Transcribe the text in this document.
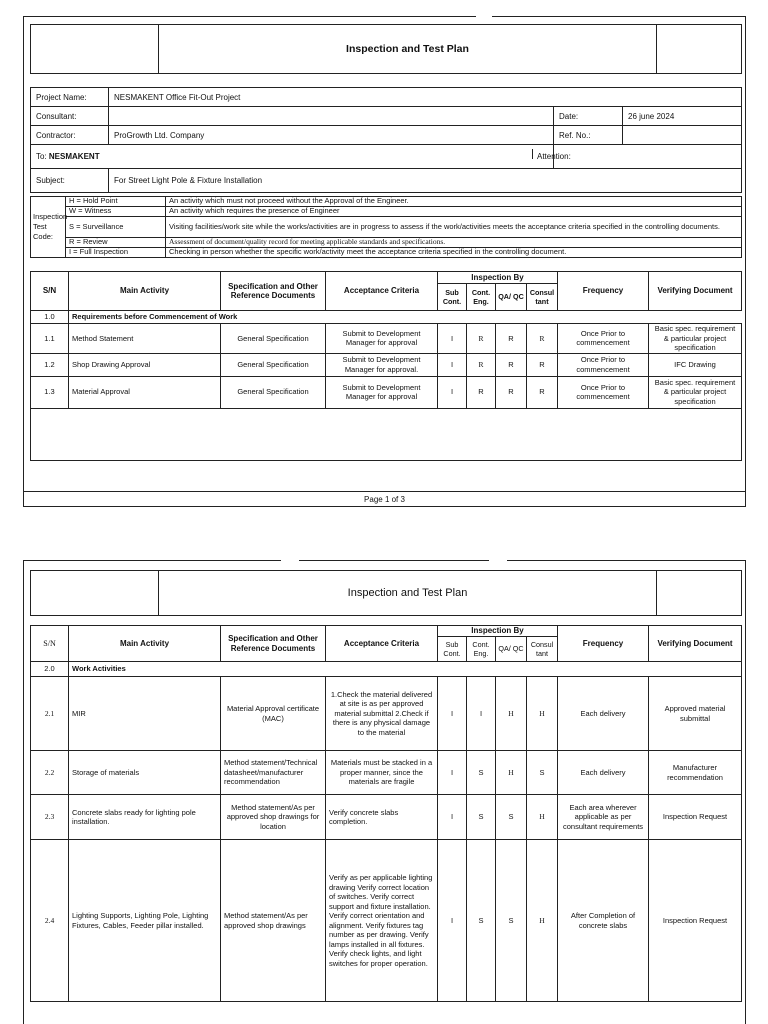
Inspection and Test Plan
Project Name:	NESMAKENT Office Fit-Out Project		
Consultant:		Date:	26 june 2024
Contractor:	ProGrowth Ltd. Company	Ref. No.:	
To: NESMAKENT		Attention:	

Subject:	For Street Light Pole & Fixture Installation		
Inspection Test Code:	H = Hold Point	An activity which must not proceed without the Approval of the Engineer.
	W = Witness	An activity which requires the presence of Engineer
	S = Surveillance	Visiting facilities/work site while the works/activities are in progress to assess if the work/activities meets the acceptance criteria specified in the controlling documents.
	R = Review	Assessment of document/quality record for meeting applicable standards and specifications.
	I = Full Inspection	Checking in person whether the specific work/activity meet the acceptance criteria specified in the controlling document.
S/N	Main Activity	Specification and Other Reference Documents	Acceptance Criteria	Inspection By				Frequency	Verifying Document
				Sub Cont.	Cont. Eng.	QA/ QC	Consul tant		
1.0	Requirements before Commencement of Work								
1.1	Method Statement	General Specification	Submit to Development Manager for approval	I	R	R	R	Once Prior to commencement	Basic spec. requirement & particular project specification
1.2	Shop Drawing Approval	General Specification	Submit to Development Manager for approval.	I	R	R	R	Once Prior to commencement	IFC Drawing
1.3	Material Approval	General Specification	Submit to Development Manager for approval	I	R	R	R	Once Prior to commencement	Basic spec. requirement & particular project specification
Page 1 of 3
Inspection and Test Plan
S/N	Main Activity	Specification and Other Reference Documents	Acceptance Criteria	Inspection By				Frequency	Verifying Document
				Sub Cont.	Cont. Eng.	QA/ QC	Consul tant		
2.0	Work Activities								
2.1	MIR	Material Approval certificate (MAC)	1.Check the material delivered at site is as per approved material submittal 2.Check if there is any physical damage to the material	I	I	H	H	Each delivery	Approved material submittal
2.2	Storage of materials	Method statement/Technical datasheet/manufacturer recommendation	Materials must be stacked in a proper manner, since the materials are fragile	I	S	H	S	Each delivery	Manufacturer recommendation
2.3	Concrete slabs ready for lighting pole installation.	Method statement/As per approved shop drawings for location	Verify concrete slabs completion.	I	S	S	H	Each area wherever applicable as per consultant requirements	Inspection Request
2.4	Lighting Supports, Lighting Pole, Lighting Fixtures, Cables, Feeder pillar installed.	Method statement/As per approved shop drawings	Verify as per applicable lighting drawing Verify correct location of switches. Verify correct support and fixture installation. Verify correct orientation and alignment. Verify fixtures tag number as per drawing. Verify lamps installed in all fixtures. Verify check lights, and light switches for proper operation.	I	S	S	H	After Completion of concrete slabs	Inspection Request
